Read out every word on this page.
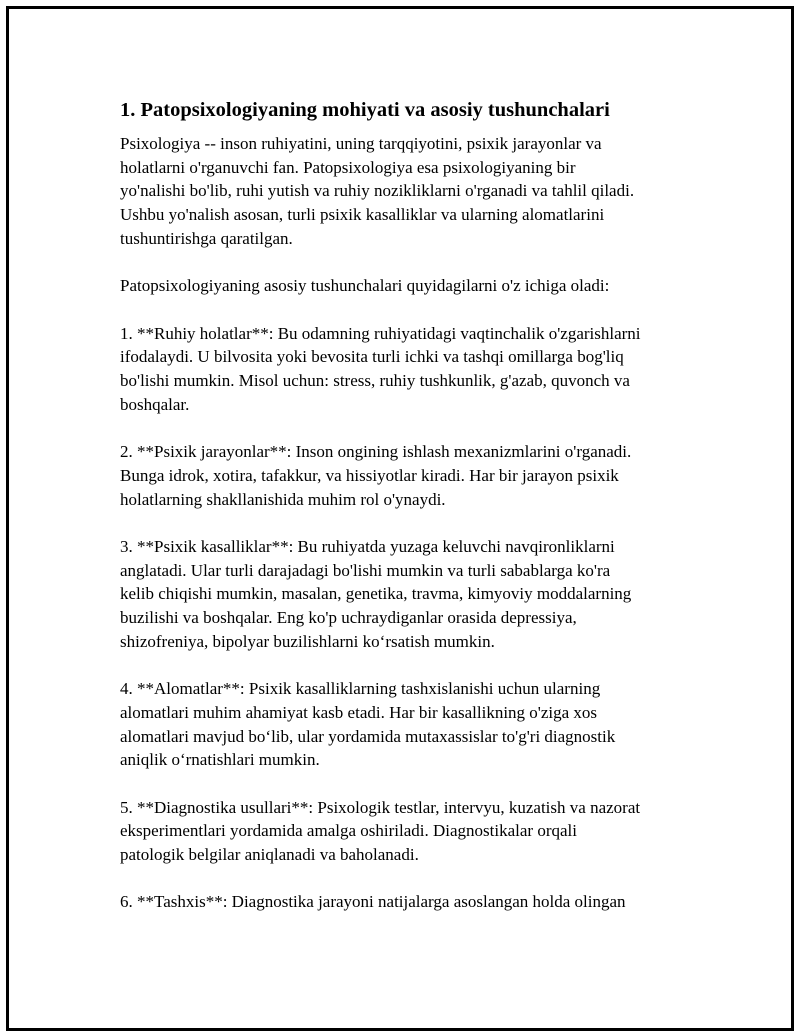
1. Patopsixologiyaning mohiyati va asosiy tushunchalari

Psixologiya -- inson ruhiyatini, uning tarqqiyotini, psixik jarayonlar va
holatlarni o'rganuvchi fan. Patopsixologiya esa psixologiyaning bir
yo'nalishi bo'lib, ruhi yutish va ruhiy nozikliklarni o'rganadi va tahlil qiladi.
Ushbu yo'nalish asosan, turli psixik kasalliklar va ularning alomatlarini
tushuntirishga qaratilgan.

Patopsixologiyaning asosiy tushunchalari quyidagilarni o'z ichiga oladi:

1. **Ruhiy holatlar**: Bu odamning ruhiyatidagi vaqtinchalik o'zgarishlarni
ifodalaydi. U bilvosita yoki bevosita turli ichki va tashqi omillarga bog'liq
bo'lishi mumkin. Misol uchun: stress, ruhiy tushkunlik, g'azab, quvonch va
boshqalar.

2. **Psixik jarayonlar**: Inson ongining ishlash mexanizmlarini o'rganadi.
Bunga idrok, xotira, tafakkur, va hissiyotlar kiradi. Har bir jarayon psixik
holatlarning shakllanishida muhim rol o'ynaydi.

3. **Psixik kasalliklar**: Bu ruhiyatda yuzaga keluvchi navqironliklarni
anglatadi. Ular turli darajadagi bo'lishi mumkin va turli sabablarga ko'ra
kelib chiqishi mumkin, masalan, genetika, travma, kimyoviy moddalarning
buzilishi va boshqalar. Eng ko'p uchraydiganlar orasida depressiya,
shizofreniya, bipolyar buzilishlarni ko‘rsatish mumkin.

4. **Alomatlar**: Psixik kasalliklarning tashxislanishi uchun ularning
alomatlari muhim ahamiyat kasb etadi. Har bir kasallikning o'ziga xos
alomatlari mavjud bo‘lib, ular yordamida mutaxassislar to'g'ri diagnostik
aniqlik o‘rnatishlari mumkin.

5. **Diagnostika usullari**: Psixologik testlar, intervyu, kuzatish va nazorat
eksperimentlari yordamida amalga oshiriladi. Diagnostikalar orqali
patologik belgilar aniqlanadi va baholanadi.

6. **Tashxis**: Diagnostika jarayoni natijalarga asoslangan holda olingan
